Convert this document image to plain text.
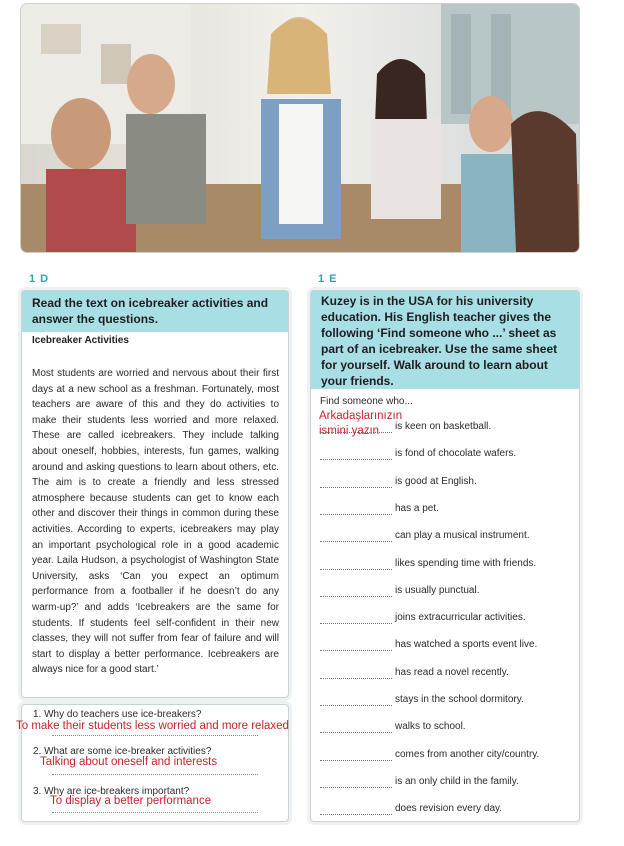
1 D	1 E
Read the text on icebreaker activities and answer the questions.
Icebreaker Activities
Most students are worried and nervous about their first days at a new school as a freshman. Fortunately, most teachers are aware of this and they do activities to make their students less worried and more relaxed. These are called icebreakers. They include talking about oneself, hobbies, interests, fun games, walking around and asking questions to learn about others, etc. The aim is to create a friendly and less stressed atmosphere because students can get to know each other and discover their things in common during these activities. According to experts, icebreakers may play an important psychological role in a good academic year. Laila Hudson, a psychologist of Washington State University, asks ‘Can you expect an optimum performance from a footballer if he doesn’t do any warm-up?’ and adds ‘Icebreakers are the same for students. If students feel self-confident in their new classes, they will not suffer from fear of failure and will start to display a better performance. Icebreakers are always nice for a good start.’
1. Why do teachers use ice-breakers?
To make their students less worried and more relaxed
2. What are some ice-breaker activities?
Talking about oneself and interests
3. Why are ice-breakers important?
To display a better performance
Kuzey is in the USA for his university education. His English teacher gives the following ‘Find someone who ...’ sheet as part of an icebreaker. Use the same sheet for yourself. Walk around to learn about your friends.
Find someone who...
Arkadaşlarınızın
ismini yazın	is keen on basketball.
is fond of chocolate wafers.
is good at English.
has a pet.
can play a musical instrument.
likes spending time with friends.
is usually punctual.
joins extracurricular activities.
has watched a sports event live.
has read a novel recently.
stays in the school dormitory.
walks to school.
comes from another city/country.
is an only child in the family.
does revision every day.
